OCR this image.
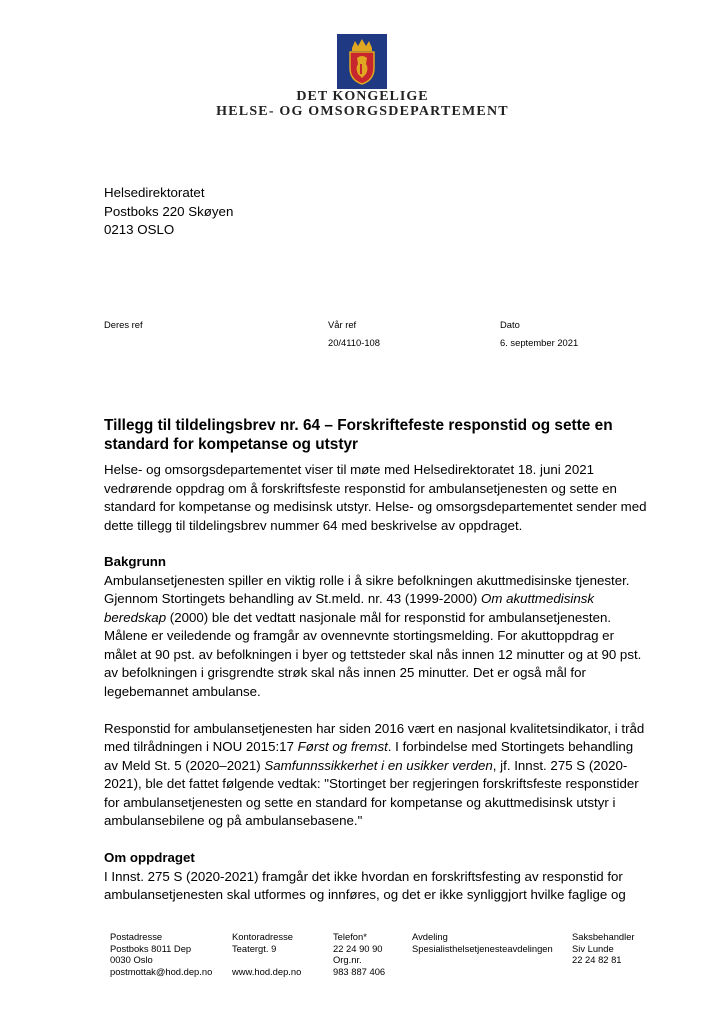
DET KONGELIGE
HELSE- OG OMSORGSDEPARTEMENT
Helsedirektoratet
Postboks 220 Skøyen
0213 OSLO
Deres ref	Vår ref
20/4110-108
Dato
6. september 2021
Tillegg til tildelingsbrev nr. 64 – Forskriftefeste responstid og sette en standard for kompetanse og utstyr

Helse- og omsorgsdepartementet viser til møte med Helsedirektoratet 18. juni 2021 vedrørende oppdrag om å forskriftsfeste responstid for ambulansetjenesten og sette en standard for kompetanse og medisinsk utstyr. Helse- og omsorgsdepartementet sender med dette tillegg til tildelingsbrev nummer 64 med beskrivelse av oppdraget.

Bakgrunn

Ambulansetjenesten spiller en viktig rolle i å sikre befolkningen akuttmedisinske tjenester. Gjennom Stortingets behandling av St.meld. nr. 43 (1999-2000) Om akuttmedisinsk beredskap (2000) ble det vedtatt nasjonale mål for responstid for ambulansetjenesten. Målene er veiledende og framgår av ovennevnte stortingsmelding. For akuttoppdrag er målet at 90 pst. av befolkningen i byer og tettsteder skal nås innen 12 minutter og at 90 pst. av befolkningen i grisgrendte strøk skal nås innen 25 minutter. Det er også mål for legebemannet ambulanse.

Responstid for ambulansetjenesten har siden 2016 vært en nasjonal kvalitetsindikator, i tråd med tilrådningen i NOU 2015:17 Først og fremst. I forbindelse med Stortingets behandling av Meld St. 5 (2020–2021) Samfunnssikkerhet i en usikker verden, jf. Innst. 275 S (2020-2021), ble det fattet følgende vedtak: "Stortinget ber regjeringen forskriftsfeste responstider for ambulansetjenesten og sette en standard for kompetanse og akuttmedisinsk utstyr i ambulansebilene og på ambulansebasene."

Om oppdraget

I Innst. 275 S (2020-2021) framgår det ikke hvordan en forskriftsfesting av responstid for ambulansetjenesten skal utformes og innføres, og det er ikke synliggjort hvilke faglige og

Postadresse
Postboks 8011 Dep
0030 Oslo
postmottak@hod.dep.no
Kontoradresse
Teatergt. 9
www.hod.dep.no
Telefon*
22 24 90 90
Org.nr.
983 887 406
Avdeling
Spesialisthelsetjenesteavdelingen
Saksbehandler
Siv Lunde
22 24 82 81
